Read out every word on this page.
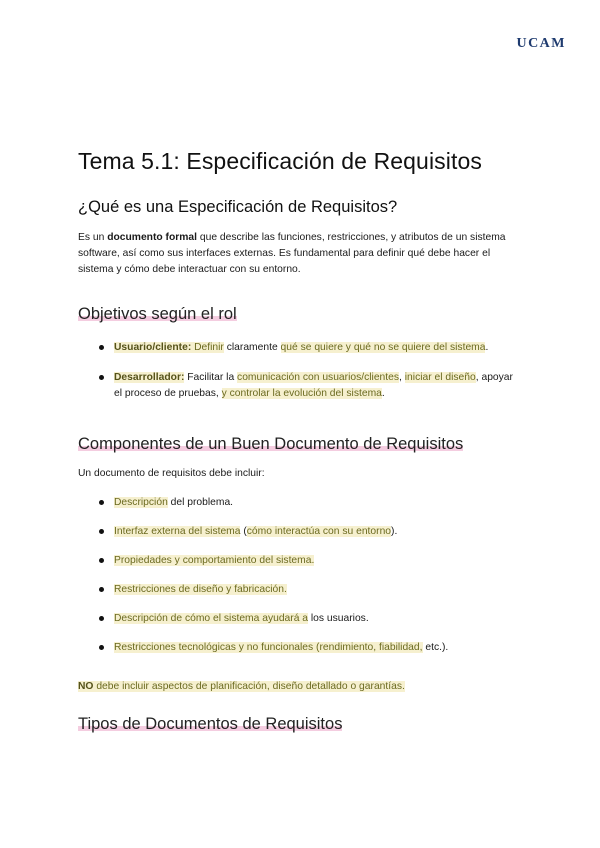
UCAM
Tema 5.1: Especificación de Requisitos
¿Qué es una Especificación de Requisitos?

Es un documento formal que describe las funciones, restricciones, y atributos de un sistema software, así como sus interfaces externas. Es fundamental para definir qué debe hacer el sistema y cómo debe interactuar con su entorno.

Objetivos según el rol
Usuario/cliente: Definir claramente qué se quiere y qué no se quiere del sistema.
Desarrollador: Facilitar la comunicación con usuarios/clientes, iniciar el diseño, apoyar el proceso de pruebas, y controlar la evolución del sistema.
Componentes de un Buen Documento de Requisitos

Un documento de requisitos debe incluir:

Descripción del problema.
Interfaz externa del sistema (cómo interactúa con su entorno).
Propiedades y comportamiento del sistema.
Restricciones de diseño y fabricación.
Descripción de cómo el sistema ayudará a los usuarios.
Restricciones tecnológicas y no funcionales (rendimiento, fiabilidad, etc.).

NO debe incluir aspectos de planificación, diseño detallado o garantías.

Tipos de Documentos de Requisitos
